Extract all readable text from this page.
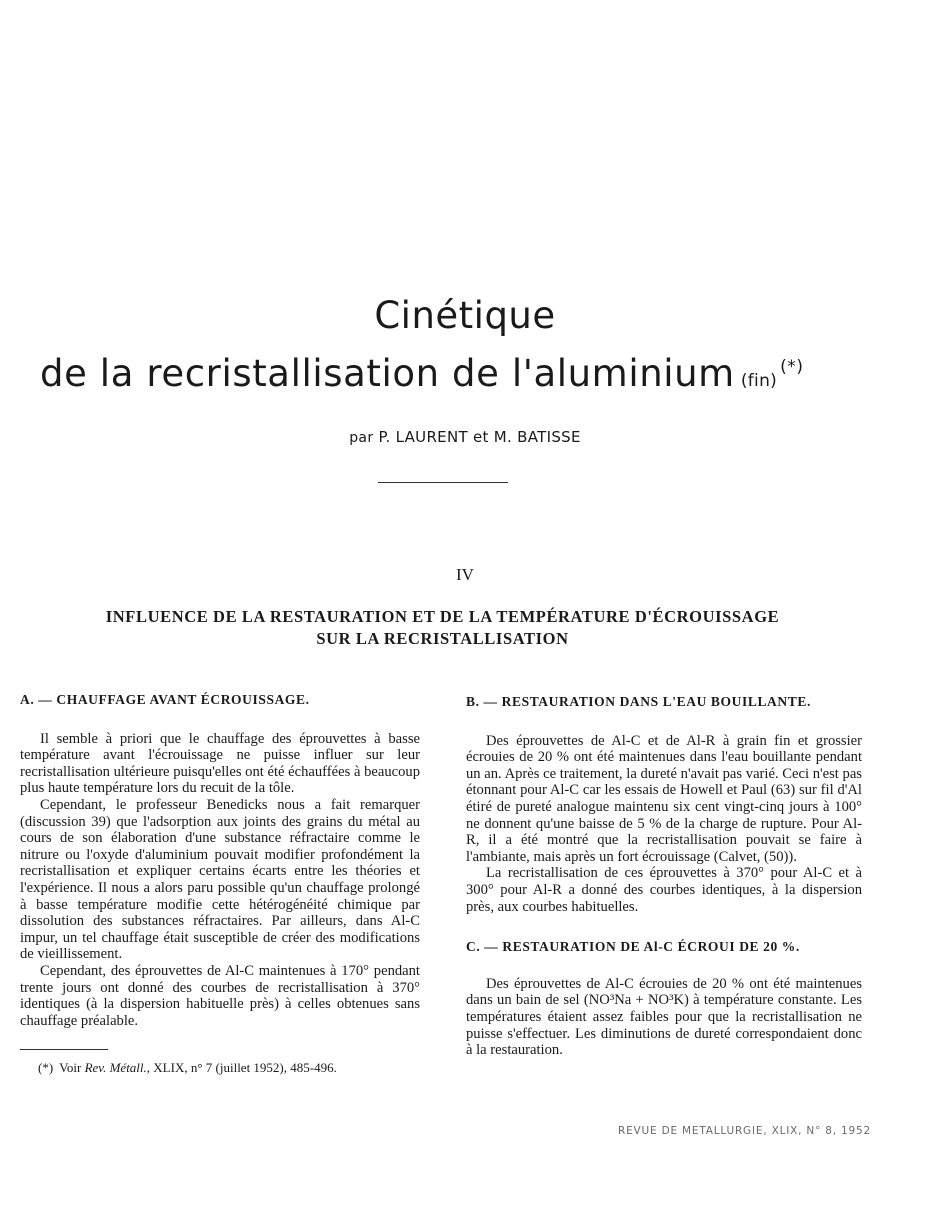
Cinétique
de la recristallisation de l'aluminium (fin)(*)
par P. LAURENT et M. BATISSE
IV
INFLUENCE DE LA RESTAURATION ET DE LA TEMPÉRATURE D'ÉCROUISSAGE
SUR LA RECRISTALLISATION
A. — CHAUFFAGE AVANT ÉCROUISSAGE.

Il semble à priori que le chauffage des éprouvettes à basse température avant l'écrouissage ne puisse influer sur leur recristallisation ultérieure puisqu'elles ont été échauffées à beaucoup plus haute température lors du recuit de la tôle.

Cependant, le professeur Benedicks nous a fait remarquer (discussion 39) que l'adsorption aux joints des grains du métal au cours de son élaboration d'une substance réfractaire comme le nitrure ou l'oxyde d'aluminium pouvait modifier profondément la recristallisation et expliquer certains écarts entre les théories et l'expérience. Il nous a alors paru possible qu'un chauffage prolongé à basse température modifie cette hétérogénéité chimique par dissolution des substances réfractaires. Par ailleurs, dans Al-C impur, un tel chauffage était susceptible de créer des modifications de vieillissement.

Cependant, des éprouvettes de Al-C maintenues à 170° pendant trente jours ont donné des courbes de recristallisation à 370° identiques (à la dispersion habituelle près) à celles obtenues sans chauffage préalable.

(*) Voir Rev. Métall., XLIX, n° 7 (juillet 1952), 485-496.
B. — RESTAURATION DANS L'EAU BOUILLANTE.

Des éprouvettes de Al-C et de Al-R à grain fin et grossier écrouies de 20 % ont été maintenues dans l'eau bouillante pendant un an. Après ce traitement, la dureté n'avait pas varié. Ceci n'est pas étonnant pour Al-C car les essais de Howell et Paul (63) sur fil d'Al étiré de pureté analogue maintenu six cent vingt-cinq jours à 100° ne donnent qu'une baisse de 5 % de la charge de rupture. Pour Al-R, il a été montré que la recristallisation pouvait se faire à l'ambiante, mais après un fort écrouissage (Calvet, (50)).

La recristallisation de ces éprouvettes à 370° pour Al-C et à 300° pour Al-R a donné des courbes identiques, à la dispersion près, aux courbes habituelles.

C. — RESTAURATION DE Al-C ÉCROUI DE 20 %.

Des éprouvettes de Al-C écrouies de 20 % ont été maintenues dans un bain de sel (NO³Na + NO³K) à température constante. Les températures étaient assez faibles pour que la recristallisation ne puisse s'effectuer. Les diminutions de dureté correspondaient donc à la restauration.

REVUE DE METALLURGIE, XLIX, N° 8, 1952
